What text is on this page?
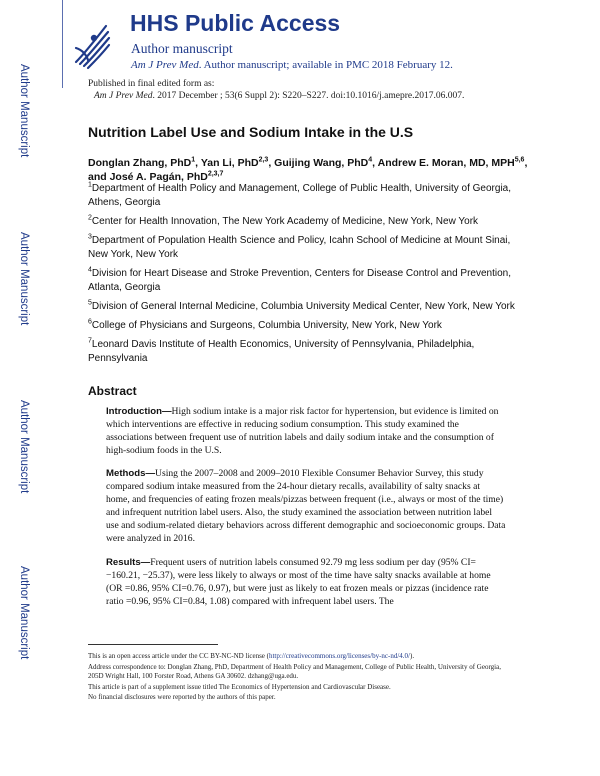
Author Manuscript
Author Manuscript
Author Manuscript
Author Manuscript
HHS Public Access
Author manuscript
Am J Prev Med. Author manuscript; available in PMC 2018 February 12.
Published in final edited form as:
Am J Prev Med. 2017 December ; 53(6 Suppl 2): S220–S227. doi:10.1016/j.amepre.2017.06.007.
Nutrition Label Use and Sodium Intake in the U.S
Donglan Zhang, PhD$^1$, Yan Li, PhD$^{2,3}$, Guijing Wang, PhD$^4$, Andrew E. Moran, MD, MPH$^{5,6}$, and José A. Pagán, PhD$^{2,3,7}$

$^1$Department of Health Policy and Management, College of Public Health, University of Georgia, Athens, Georgia

$^2$Center for Health Innovation, The New York Academy of Medicine, New York, New York

$^3$Department of Population Health Science and Policy, Icahn School of Medicine at Mount Sinai, New York, New York

$^4$Division for Heart Disease and Stroke Prevention, Centers for Disease Control and Prevention, Atlanta, Georgia

$^5$Division of General Internal Medicine, Columbia University Medical Center, New York, New York

$^6$College of Physicians and Surgeons, Columbia University, New York, New York

$^7$Leonard Davis Institute of Health Economics, University of Pennsylvania, Philadelphia, Pennsylvania

Abstract
Introduction—High sodium intake is a major risk factor for hypertension, but evidence is limited on which interventions are effective in reducing sodium consumption. This study examined the associations between frequent use of nutrition labels and daily sodium intake and the consumption of high-sodium foods in the U.S.
Methods—Using the 2007–2008 and 2009–2010 Flexible Consumer Behavior Survey, this study compared sodium intake measured from the 24-hour dietary recalls, availability of salty snacks at home, and frequencies of eating frozen meals/pizzas between frequent (i.e., always or most of the time) and infrequent nutrition label users. Also, the study examined the association between nutrition label use and sodium-related dietary behaviors across different demographic and socioeconomic groups. Data were analyzed in 2016.
Results—Frequent users of nutrition labels consumed 92.79 mg less sodium per day (95% CI= −160.21, −25.37), were less likely to always or most of the time have salty snacks available at home (OR =0.86, 95% CI=0.76, 0.97), but were just as likely to eat frozen meals or pizzas (incidence rate ratio =0.96, 95% CI=0.84, 1.08) compared with infrequent label users. The

This is an open access article under the CC BY-NC-ND license (http://creativecommons.org/licenses/by-nc-nd/4.0/).

Address correspondence to: Donglan Zhang, PhD, Department of Health Policy and Management, College of Public Health, University of Georgia, 205D Wright Hall, 100 Forster Road, Athens GA 30602. dzhang@uga.edu.

This article is part of a supplement issue titled The Economics of Hypertension and Cardiovascular Disease.

No financial disclosures were reported by the authors of this paper.
